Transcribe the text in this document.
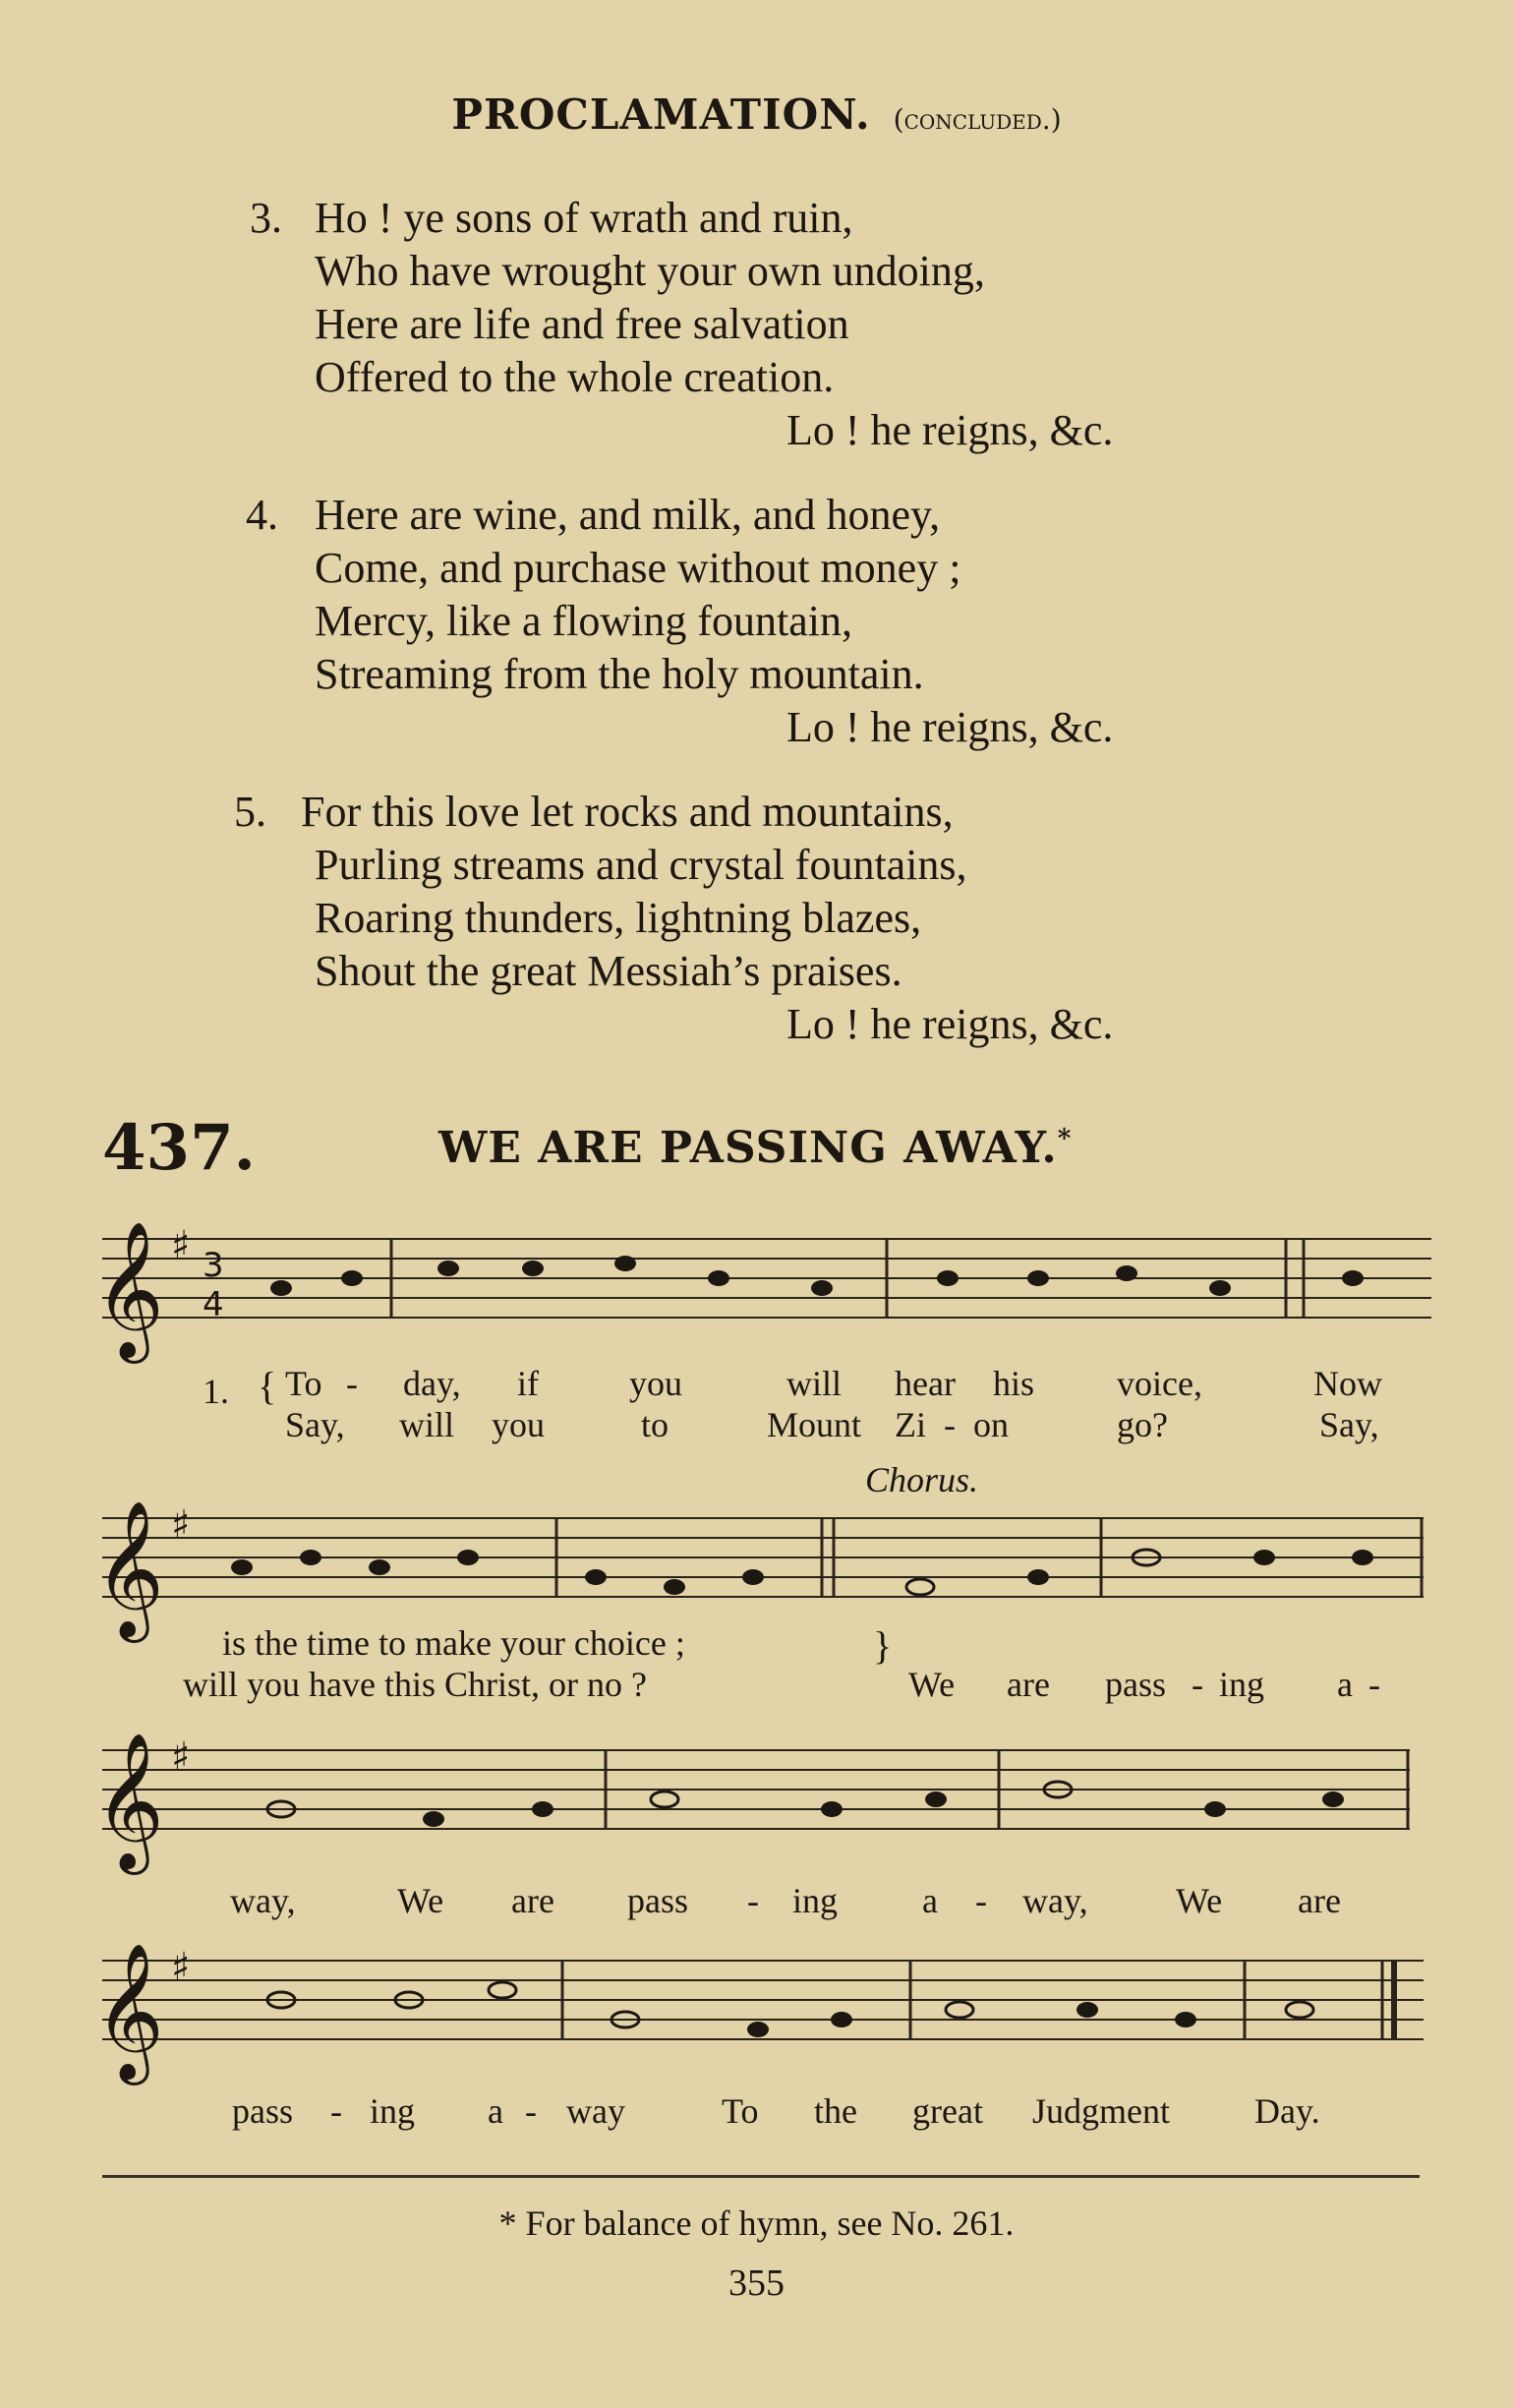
PROCLAMATION. (concluded.)
3. Ho ! ye sons of wrath and ruin,
Who have wrought your own undoing,
Here are life and free salvation
Offered to the whole creation.
Lo ! he reigns, &c.
4. Here are wine, and milk, and honey,
Come, and purchase without money ;
Mercy, like a flowing fountain,
Streaming from the holy mountain.
Lo ! he reigns, &c.
5. For this love let rocks and mountains,
Purling streams and crystal fountains,
Roaring thunders, lightning blazes,
Shout the great Messiah’s praises.
Lo ! he reigns, &c.
437.	WE ARE PASSING AWAY.*
𝄞 ♯ 3
4
𝄞 ♯
𝄞 ♯
𝄞 ♯
1. { To - day, if	you	will hear his voice,	Now
Say, will you	to	Mount Zi - on	go?	Say,
Chorus.
is the time to make your choice ;
will you have this Christ, or no ?
}
We are pass - ing a -
way,	We are pass - ing a - way, We are
pass - ing a - way	To the great Judgment Day.
* For balance of hymn, see No. 261.
355
